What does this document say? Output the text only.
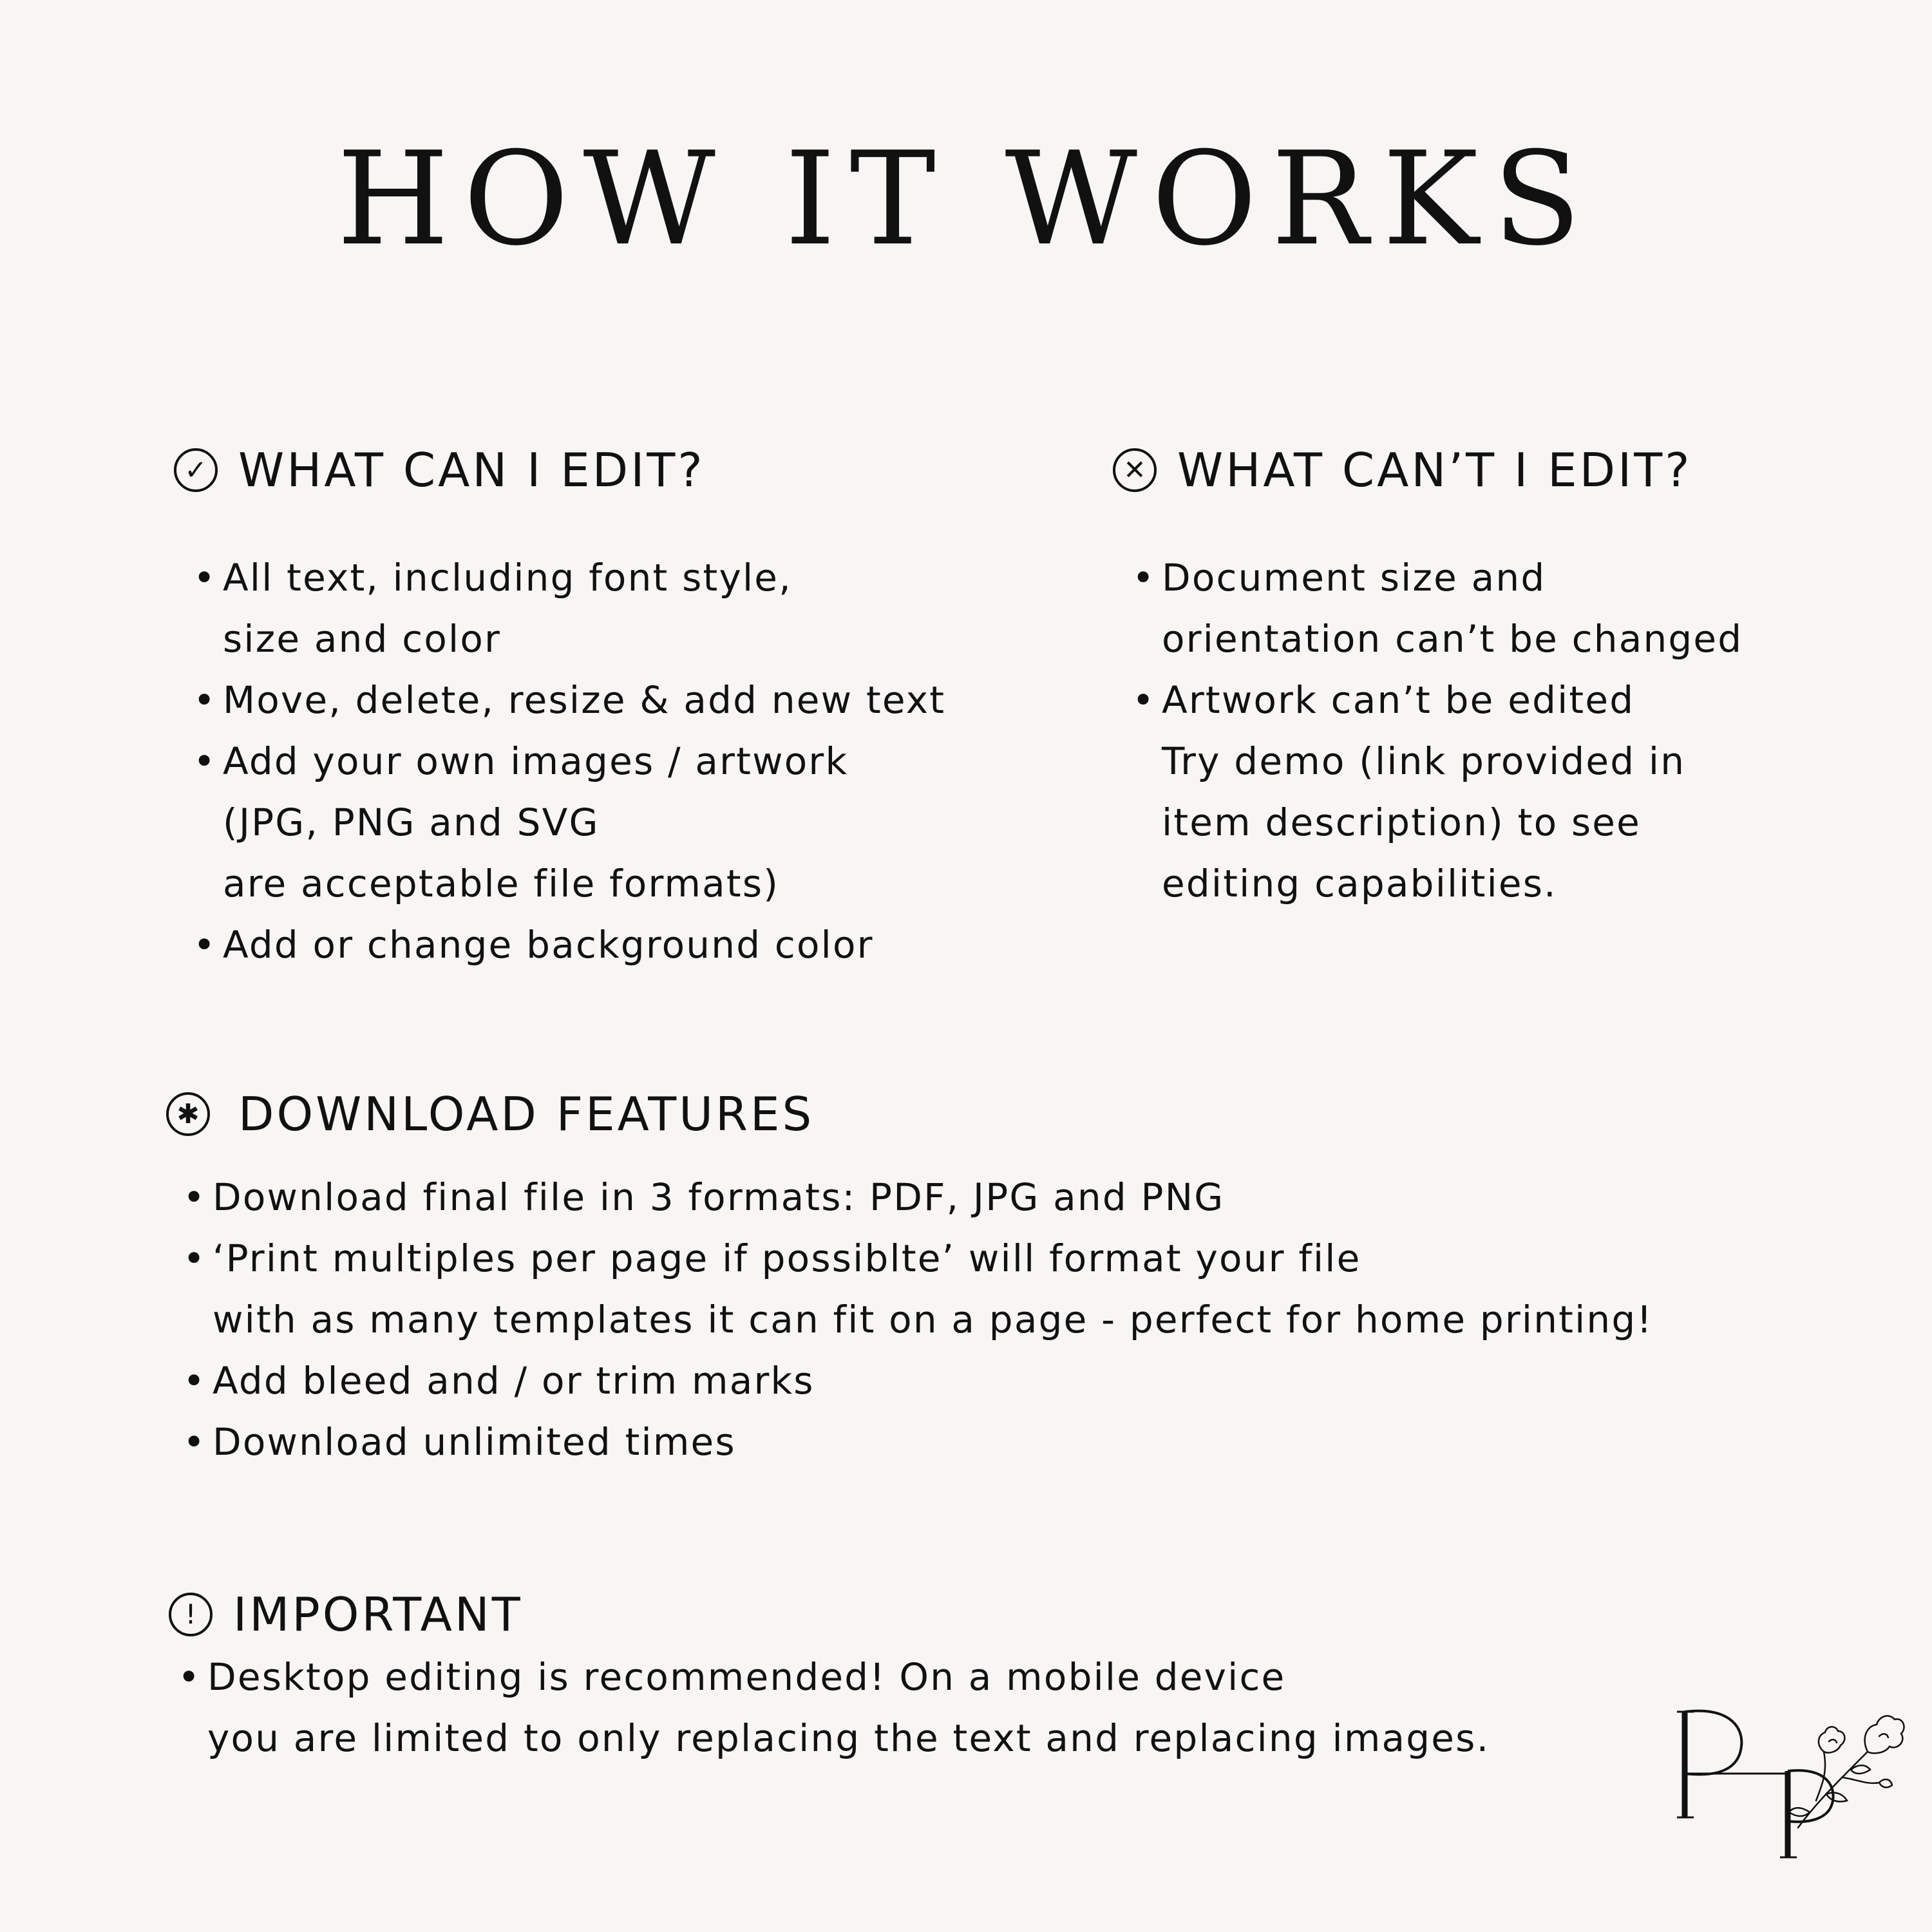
HOW IT WORKS
✓ WHAT CAN I EDIT?
• All text, including font style,
size and color
• Move, delete, resize & add new text
• Add your own images / artwork
(JPG, PNG and SVG
are acceptable file formats)
• Add or change background color
✕ WHAT CAN’T I EDIT?
• Document size and
orientation can’t be changed
• Artwork can’t be edited
Try demo (link provided in
item description) to see
editing capabilities.
✱ DOWNLOAD FEATURES
• Download final file in 3 formats: PDF, JPG and PNG
• ‘Print multiples per page if possiblte’ will format your file
with as many templates it can fit on a page - perfect for home printing!
• Add bleed and / or trim marks
• Download unlimited times
! IMPORTANT
• Desktop editing is recommended! On a mobile device
you are limited to only replacing the text and replacing images.
